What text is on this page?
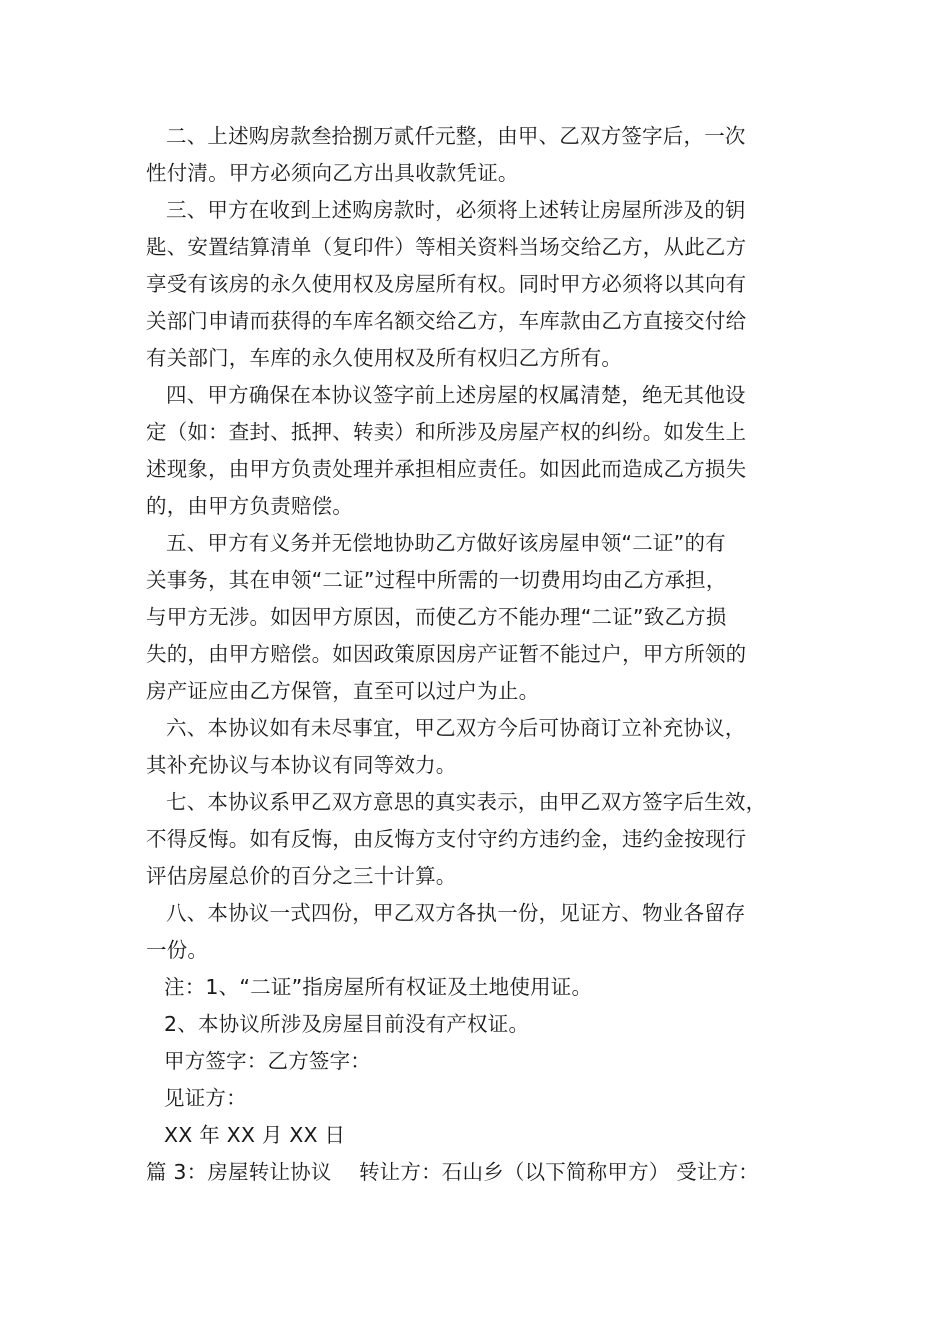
二、上述购房款叁拾捌万贰仟元整，由甲、乙双方签字后，一次
性付清。甲方必须向乙方出具收款凭证。
三、甲方在收到上述购房款时，必须将上述转让房屋所涉及的钥
匙、安置结算清单（复印件）等相关资料当场交给乙方，从此乙方
享受有该房的永久使用权及房屋所有权。同时甲方必须将以其向有
关部门申请而获得的车库名额交给乙方，车库款由乙方直接交付给
有关部门，车库的永久使用权及所有权归乙方所有。
四、甲方确保在本协议签字前上述房屋的权属清楚，绝无其他设
定（如：查封、抵押、转卖）和所涉及房屋产权的纠纷。如发生上
述现象，由甲方负责处理并承担相应责任。如因此而造成乙方损失
的，由甲方负责赔偿。
五、甲方有义务并无偿地协助乙方做好该房屋申领“二证”的有
关事务，其在申领“二证”过程中所需的一切费用均由乙方承担，
与甲方无涉。如因甲方原因，而使乙方不能办理“二证”致乙方损
失的，由甲方赔偿。如因政策原因房产证暂不能过户，甲方所领的
房产证应由乙方保管，直至可以过户为止。
六、本协议如有未尽事宜，甲乙双方今后可协商订立补充协议，
其补充协议与本协议有同等效力。
七、本协议系甲乙双方意思的真实表示，由甲乙双方签字后生效，
不得反悔。如有反悔，由反悔方支付守约方违约金，违约金按现行
评估房屋总价的百分之三十计算。
八、本协议一式四份，甲乙双方各执一份，见证方、物业各留存
一份。
注：1、“二证”指房屋所有权证及土地使用证。
2、本协议所涉及房屋目前没有产权证。
甲方签字：乙方签字：
见证方：
XX 年 XX 月 XX 日
篇 3：房屋转让协议　 转让方：石山乡（以下简称甲方） 受让方：
